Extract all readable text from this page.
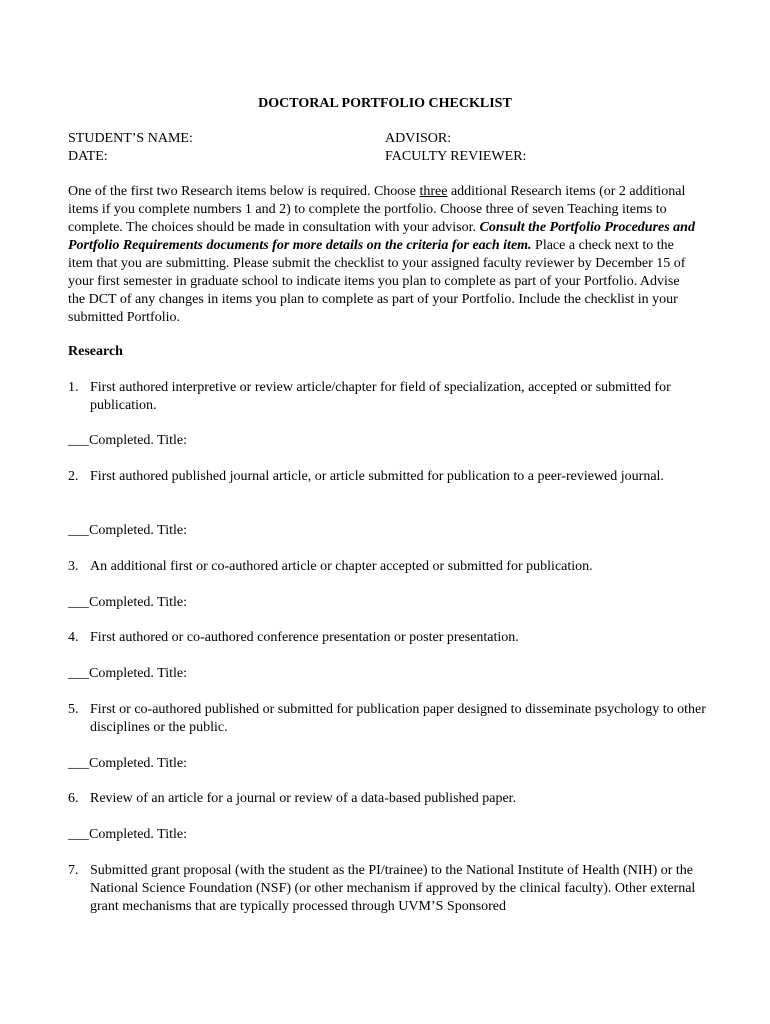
DOCTORAL PORTFOLIO CHECKLIST
STUDENT’S NAME:
DATE:
ADVISOR:
FACULTY REVIEWER:
One of the first two Research items below is required. Choose three additional Research items (or 2 additional items if you complete numbers 1 and 2) to complete the portfolio. Choose three of seven Teaching items to complete. The choices should be made in consultation with your advisor. Consult the Portfolio Procedures and Portfolio Requirements documents for more details on the criteria for each item. Place a check next to the item that you are submitting. Please submit the checklist to your assigned faculty reviewer by December 15 of your first semester in graduate school to indicate items you plan to complete as part of your Portfolio. Advise the DCT of any changes in items you plan to complete as part of your Portfolio. Include the checklist in your submitted Portfolio.
Research
1. First authored interpretive or review article/chapter for field of specialization, accepted or submitted for publication.
___Completed. Title:
2. First authored published journal article, or article submitted for publication to a peer-reviewed journal.
___Completed. Title:
3. An additional first or co-authored article or chapter accepted or submitted for publication.
___Completed. Title:
4. First authored or co-authored conference presentation or poster presentation.
___Completed. Title:
5. First or co-authored published or submitted for publication paper designed to disseminate psychology to other disciplines or the public.
___Completed. Title:
6. Review of an article for a journal or review of a data-based published paper.
___Completed. Title:
7. Submitted grant proposal (with the student as the PI/trainee) to the National Institute of Health (NIH) or the National Science Foundation (NSF) (or other mechanism if approved by the clinical faculty). Other external grant mechanisms that are typically processed through UVM’S Sponsored
